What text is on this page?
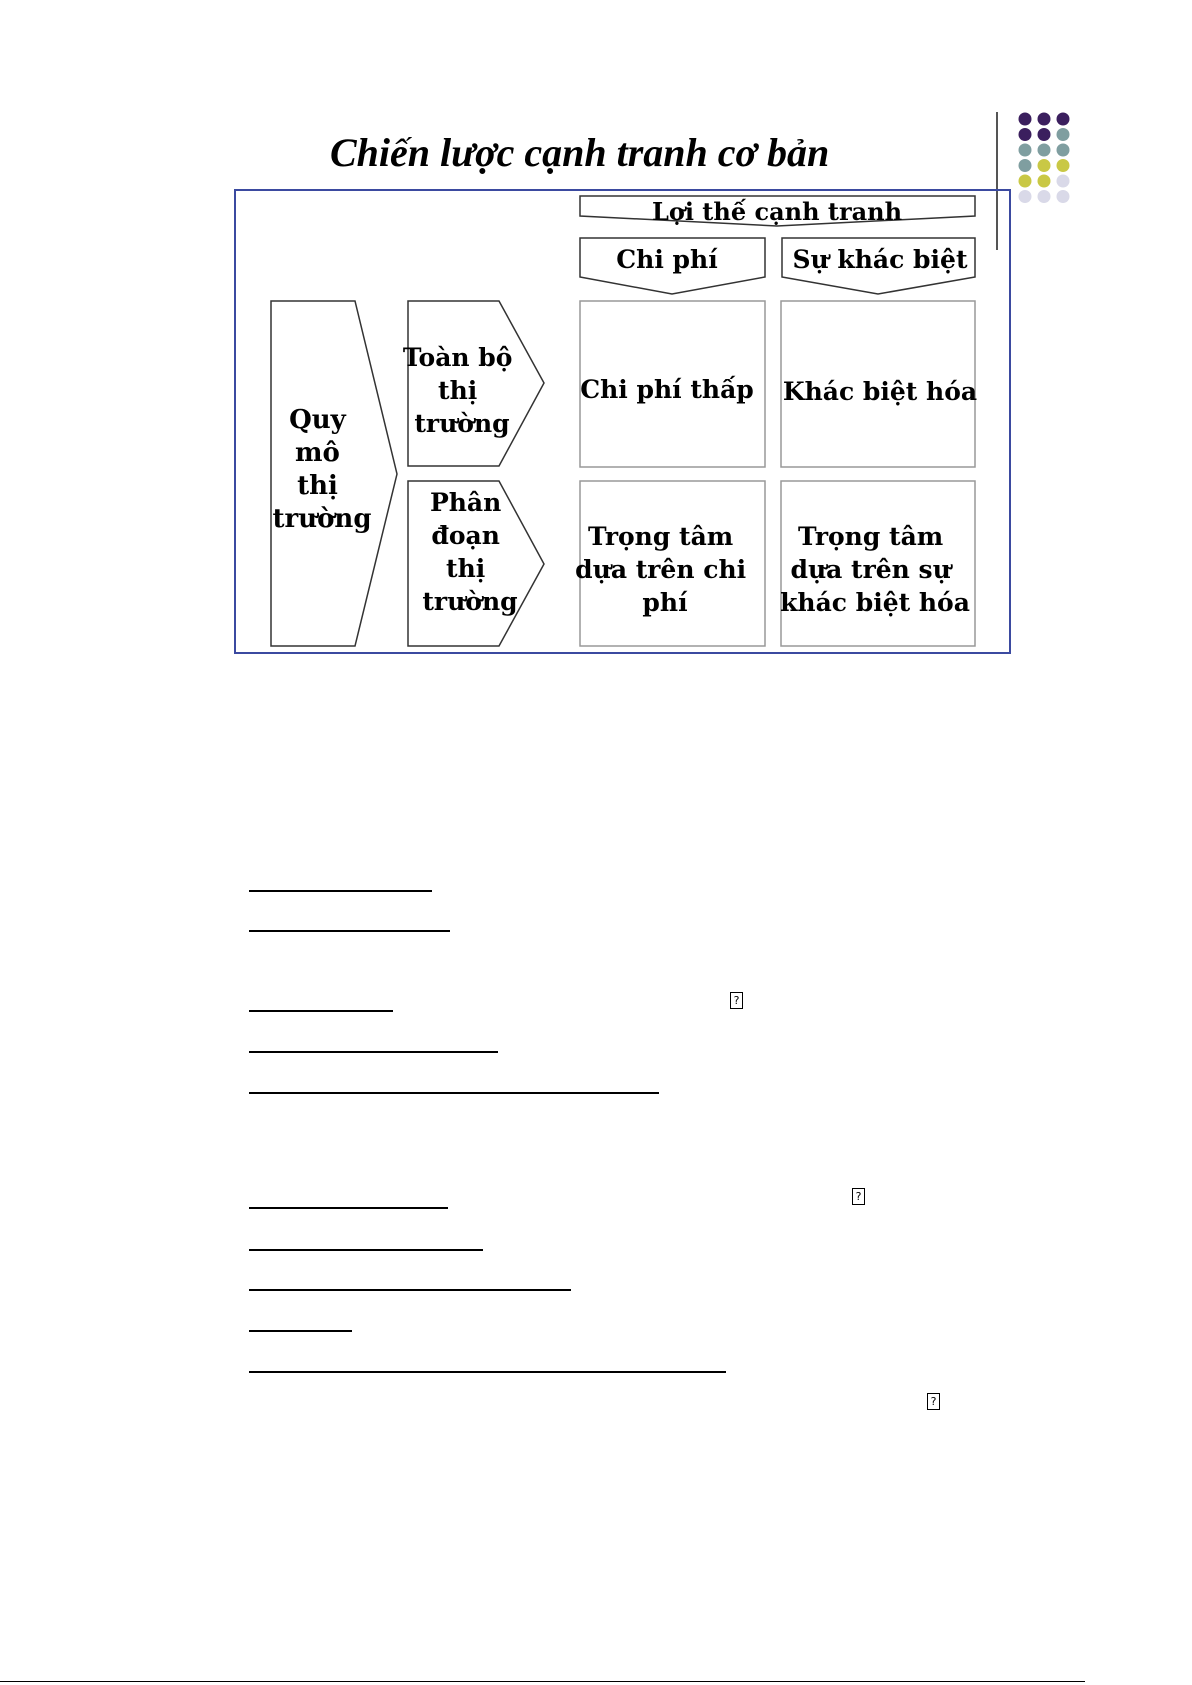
Chiến lược cạnh tranh cơ bản
Lợi thế cạnh tranh
Chi phí	Sự khác biệt
Quy mô thị trường
Toàn bộ thị trường
Phân đoạn thị trường
Chi phí thấp Khác biệt hóa
Trọng tâm dựa trên chi phí
Trọng tâm dựa trên sự khác biệt hóa
?
?
?
